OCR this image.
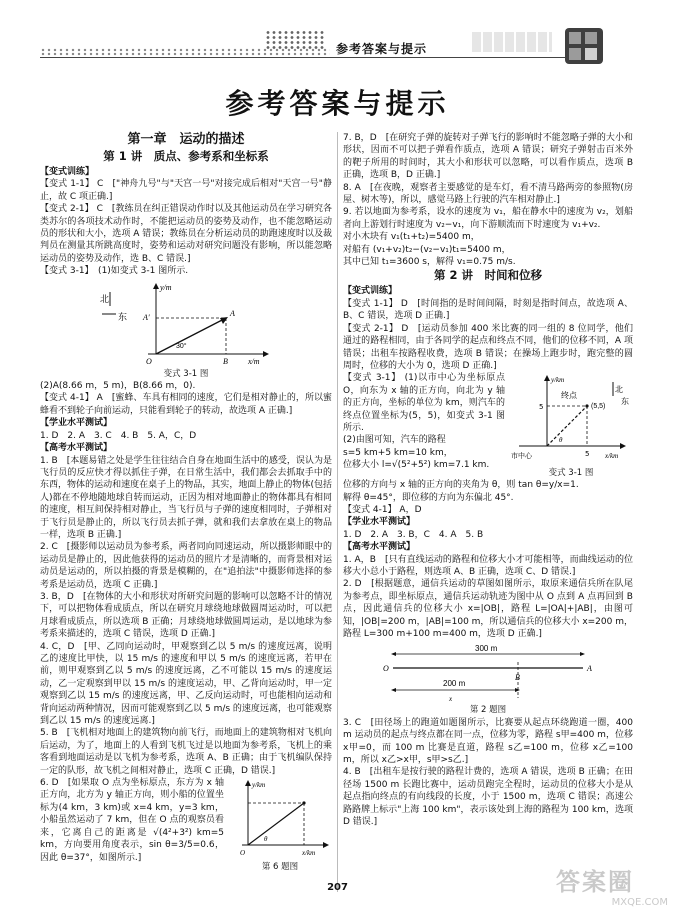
参考答案与提示
参考答案与提示
第一章　运动的描述
第 1 讲　质点、参考系和坐标系

【变式训练】

【变式 1-1】 C　["神舟九号"与"天宫一号"对接完成后相对"天宫一号"静止，故 C 项正确.]

【变式 2-1】 C　[教练员在纠正错误动作时以及其他运动员在学习研究各类苏尔的各项技术动作时，不能把运动员的姿势及动作，也不能忽略运动员的形状和大小，选项 A 错误；教练员在分析运动员的助跑速度时以及裁判员在测量其所跳高度时，姿势和运动对研究问题没有影响，所以能忽略运动员的姿势及动作，选 B、C 错误.]

【变式 3-1】　(1)如变式 3-1 图所示.

北
东
y/m
x/m
O
A′	A
B
30°
变式 3-1 图

(2)A(8.66 m，5 m)，B(8.66 m，0).

【变式 4-1】 A　[蜜蜂、车具有相同的速度，它们是相对静止的，所以蜜蜂看不到轮子向前运动，只能看到轮子的转动，故选项 A 正确.]

【学业水平测试】

1. D　2. A　3. C　4. B　5. A，C，D

【高考水平测试】

1. B　[本题易错之处是学生往往结合自身在地面生活中的感受，误认为是飞行员的反应快才得以抓住子弹，在日常生活中，我们都会去抓取手中的东西，物体的运动和速度在桌子上的物品，其实，地面上静止的物体(包括人)都在不停地随地球自转而运动，正因为相对地面静止的物体都具有相同的速度，相互间保持相对静止，当飞行员与子弹的速度相同时，子弹相对于飞行员是静止的，所以飞行员去抓子弹，就和我们去拿放在桌上的物品一样，选项 B 正确.]

2. C　[摄影师以运动员为参考系，两者同向同速运动，所以摄影师眼中的运动员是静止的，因此他获得的运动员的照片才是清晰的，而背景相对运动员是运动的，所以拍摄的背景是模糊的，在"追拍法"中摄影师选择的参考系是运动员，选项 C 正确.]

3. B，D　[在物体的大小和形状对所研究问题的影响可以忽略不计的情况下，可以把物体看成质点，所以在研究月球绕地球做圆周运动时，可以把月球看成质点，所以选项 B 正确；月球绕地球做圆周运动，是以地球为参考系来描述的，选项 C 错误，选项 D 正确.]

4. C，D　[甲、乙同向运动时，甲观察到乙以 5 m/s 的速度远离，说明乙的速度比甲快，以 15 m/s 的速度和甲以 5 m/s 的速度远离，若甲在前，则甲观察到乙以 5 m/s 的速度远离，乙不可能以 15 m/s 的速度运动，乙一定观察到甲以 15 m/s 的速度运动，甲、乙背向运动时，甲一定观察到乙以 15 m/s 的速度远离，甲、乙反向运动时，可也能相向运动和背向运动两种情况，因而可能观察到乙以 5 m/s 的速度远离，也可能观察到乙以 15 m/s 的速度远离.]

5. B　[飞机相对地面上的建筑物向前飞行，而地面上的建筑物相对飞机向后运动，为了，地面上的人看到飞机飞过是以地面为参考系，飞机上的乘客看到地面运动是以飞机为参考系，选项 A、B 正确；由于飞机编队保持一定的队形，故飞机之间相对静止，选项 C 正确，D 错误.]

6. D　[如果取 O 点为坐标原点，东方为 x 轴正方向，北方为 y 轴正方向，则小船的位置坐标为(4 km，3 km)或 x=4 km，y=3 km，小船虽然运动了 7 km，但在 O 点的观察员看来，它离自己的距离是 √(4²+3²) km=5 km，方向要用角度表示，sin θ=3/5=0.6，因此 θ=37°，如图所示.]

y/km
x/km
O
θ
第 6 题图

7. B，D　[在研究子弹的旋转对子弹飞行的影响时不能忽略子弹的大小和形状，因而不可以把子弹看作质点，选项 A 错误；研究子弹射击百米外的靶子所用的时间时，其大小和形状可以忽略，可以看作质点，选项 B 正确，选项 B，D 正确.]

8. A　[在夜晚，观察者主要感觉的是车灯，看不清马路两旁的参照物(房屋、树木等)，所以，感觉马路上行驶的汽车相对静止.]

9. 若以地面为参考系，设水的速度为 v₁，船在静水中的速度为 v₂，划船者向上游划行时速度为 v₂−v₁，向下游顺流而下时速度为 v₁+v₂.

对小木块有 v₁(t₁+t₂)=5400 m，

对船有 (v₁+v₂)t₂−(v₂−v₁)t₁=5400 m，

其中已知 t₁=3600 s，解得 v₁=0.75 m/s.

第 2 讲　时间和位移

【变式训练】

【变式 1-1】 D　[时间指的是时间间隔，时刻是指时间点，故选项 A、B、C 错误，选项 D 正确.]

【变式 2-1】 D　[运动员参加 400 米比赛的同一组的 8 位同学，他们通过的路程相同，由于各同学的起点和终点不同，他们的位移不同，A 项错误；出租车按路程收费，选项 B 错误；在操场上跑步时，跑完整的圆周时，位移的大小为 0，选项 D 正确.]

【变式 3-1】 (1)以市中心为坐标原点 O，向东为 x 轴的正方向，向北为 y 轴的正方向，坐标的单位为 km，则汽车的终点位置坐标为(5，5)，如变式 3-1 图所示.

(2)由图可知，汽车的路程

s=5 km+5 km=10 km，

位移大小 l=√(5²+5²) km=7.1 km.

y/km
x/km
5
5
θ
终点
(5,5)
市中心
北
东
变式 3-1 图

位移的方向与 x 轴的正方向的夹角为 θ，则 tan θ=y/x=1.

解得 θ=45°，即位移的方向为东偏北 45°.

【变式 4-1】 A，D

【学业水平测试】

1. D　2. A　3. B，C　4. A　5. B

【高考水平测试】

1. A，B　[只有直线运动的路程和位移大小才可能相等，而曲线运动的位移大小总小于路程，则选项 A、B 正确，选项 C、D 错误.]

2. D　[根据题意，通信兵运动的草图如图所示，取原来通信兵所在队尾为参考点，即坐标原点，通信兵运动轨迹为图中从 O 点到 A 点再回到 B 点，因此通信兵的位移大小 x=|OB|，路程 L=|OA|+|AB|，由图可知，|OB|=200 m，|AB|=100 m，所以通信兵的位移大小 x=200 m，路程 L=300 m+100 m=400 m，选项 D 正确.]

300 m
O	A
B
200 m
x
第 2 题图

3. C　[田径场上的跑道如题图所示，比赛要从起点环绕跑道一圈，400 m 运动员的起点与终点都在同一点，位移为零，路程 s甲=400 m，位移 x甲=0，而 100 m 比赛是直道，路程 s乙=100 m，位移 x乙=100 m，所以 x乙>x甲，s甲>s乙.]

4. B　[出租车是按行驶的路程计费的，选项 A 错误，选项 B 正确；在田径场 1500 m 长跑比赛中，运动员跑完全程时，运动员的位移大小是从起点指向终点的有向线段的长度，小于 1500 m，选项 C 错误；高速公路路牌上标示"上海 100 km"，表示该处到上海的路程为 100 km，选项 D 错误.]

207	答案圈
MXQE.COM
